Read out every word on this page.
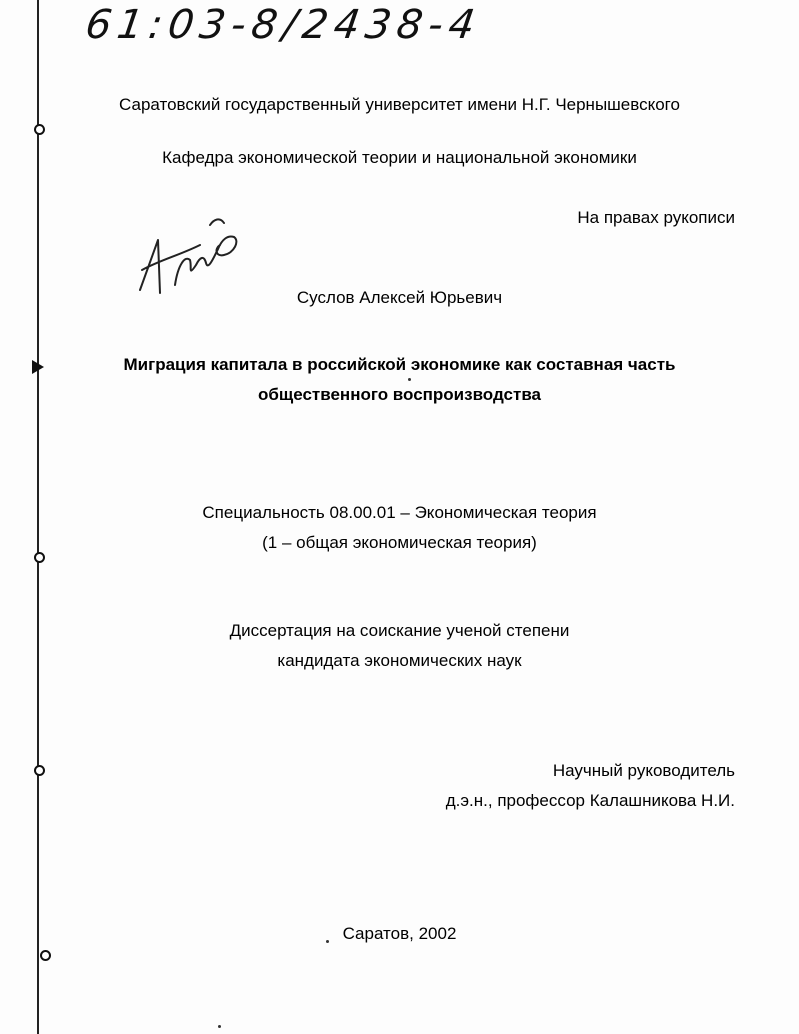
61:03-8/2438-4
Саратовский государственный университет имени Н.Г. Чернышевского
Кафедра экономической теории и национальной экономики
На правах рукописи
Суслов Алексей Юрьевич
Миграция капитала в российской экономике как составная часть
общественного воспроизводства
Специальность 08.00.01 – Экономическая теория
(1 – общая экономическая теория)
Диссертация на соискание ученой степени
кандидата экономических наук
Научный руководитель
д.э.н., профессор Калашникова Н.И.
Саратов, 2002
